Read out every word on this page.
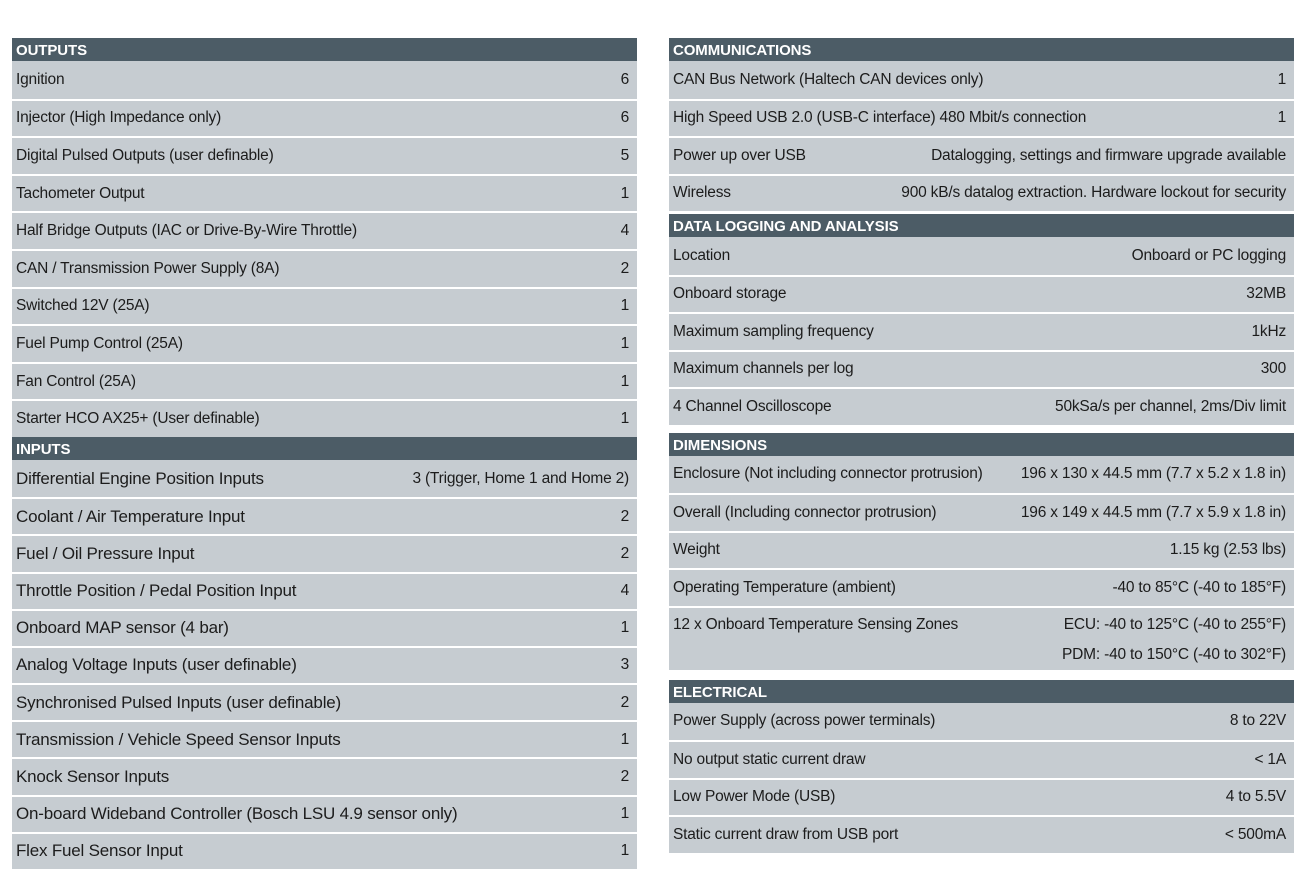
OUTPUTS
Ignition	6
Injector (High Impedance only)	6
Digital Pulsed Outputs (user definable)	5
Tachometer Output	1
Half Bridge Outputs (IAC or Drive-By-Wire Throttle)	4
CAN / Transmission Power Supply (8A)	2
Switched 12V (25A)	1
Fuel Pump Control (25A)	1
Fan Control (25A)	1
Starter HCO AX25+ (User definable)	1
INPUTS
Differential Engine Position Inputs	3 (Trigger, Home 1 and Home 2)
Coolant / Air Temperature Input	2
Fuel / Oil Pressure Input	2
Throttle Position / Pedal Position Input	4
Onboard MAP sensor (4 bar)	1
Analog Voltage Inputs (user definable)	3
Synchronised Pulsed Inputs (user definable)	2
Transmission / Vehicle Speed Sensor Inputs	1
Knock Sensor Inputs	2
On-board Wideband Controller (Bosch LSU 4.9 sensor only)	1
Flex Fuel Sensor Input	1
COMMUNICATIONS
CAN Bus Network (Haltech CAN devices only)	1
High Speed USB 2.0 (USB-C interface) 480 Mbit/s connection	1
Power up over USB	Datalogging, settings and firmware upgrade available
Wireless	900 kB/s datalog extraction. Hardware lockout for security
DATA LOGGING AND ANALYSIS
Location	Onboard or PC logging
Onboard storage	32MB
Maximum sampling frequency	1kHz
Maximum channels per log	300
4 Channel Oscilloscope	50kSa/s per channel, 2ms/Div limit
DIMENSIONS
Enclosure (Not including connector protrusion) 196 x 130 x 44.5 mm (7.7 x 5.2 x 1.8 in)
Overall (Including connector protrusion)	196 x 149 x 44.5 mm (7.7 x 5.9 x 1.8 in)
Weight	1.15 kg (2.53 lbs)
Operating Temperature (ambient)	-40 to 85°C (-40 to 185°F)
12 x Onboard Temperature Sensing Zones	ECU: -40 to 125°C (-40 to 255°F)
PDM: -40 to 150°C (-40 to 302°F)
ELECTRICAL
Power Supply (across power terminals)	8 to 22V
No output static current draw	< 1A
Low Power Mode (USB)	4 to 5.5V
Static current draw from USB port	< 500mA
